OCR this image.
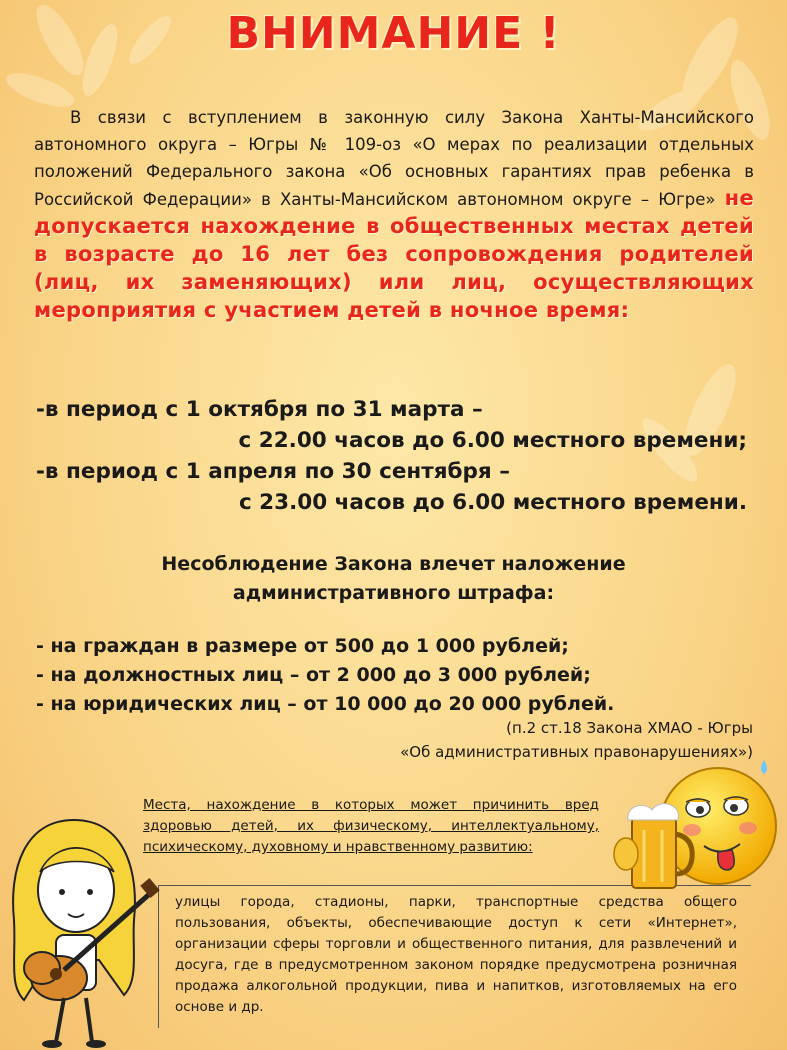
ВНИМАНИЕ !
В связи с вступлением в законную силу Закона Ханты-Мансийского автономного округа – Югры № 109-оз «О мерах по реализации отдельных положений Федерального закона «Об основных гарантиях прав ребенка в Российской Федерации» в Ханты-Мансийском автономном округе – Югре» не допускается нахождение в общественных местах детей в возрасте до 16 лет без сопровождения родителей (лиц, их заменяющих) или лиц, осуществляющих мероприятия с участием детей в ночное время:
-в период с 1 октября по 31 марта –
с 22.00 часов до 6.00 местного времени;
-в период с 1 апреля по 30 сентября –
с 23.00 часов до 6.00 местного времени.
Несоблюдение Закона влечет наложение
административного штрафа:
- на граждан в размере от 500 до 1 000 рублей;
- на должностных лиц – от 2 000 до 3 000 рублей;
- на юридических лиц – от 10 000 до 20 000 рублей.
(п.2 ст.18 Закона ХМАО - Югры
«Об административных правонарушениях»)
Места, нахождение в которых может причинить вред здоровью детей, их физическому, интеллектуальному, психическому, духовному и нравственному развитию:
улицы города, стадионы, парки, транспортные средства общего пользования, объекты, обеспечивающие доступ к сети «Интернет», организации сферы торговли и общественного питания, для развлечений и досуга, где в предусмотренном законом порядке предусмотрена розничная продажа алкогольной продукции, пива и напитков, изготовляемых на его основе и др.
